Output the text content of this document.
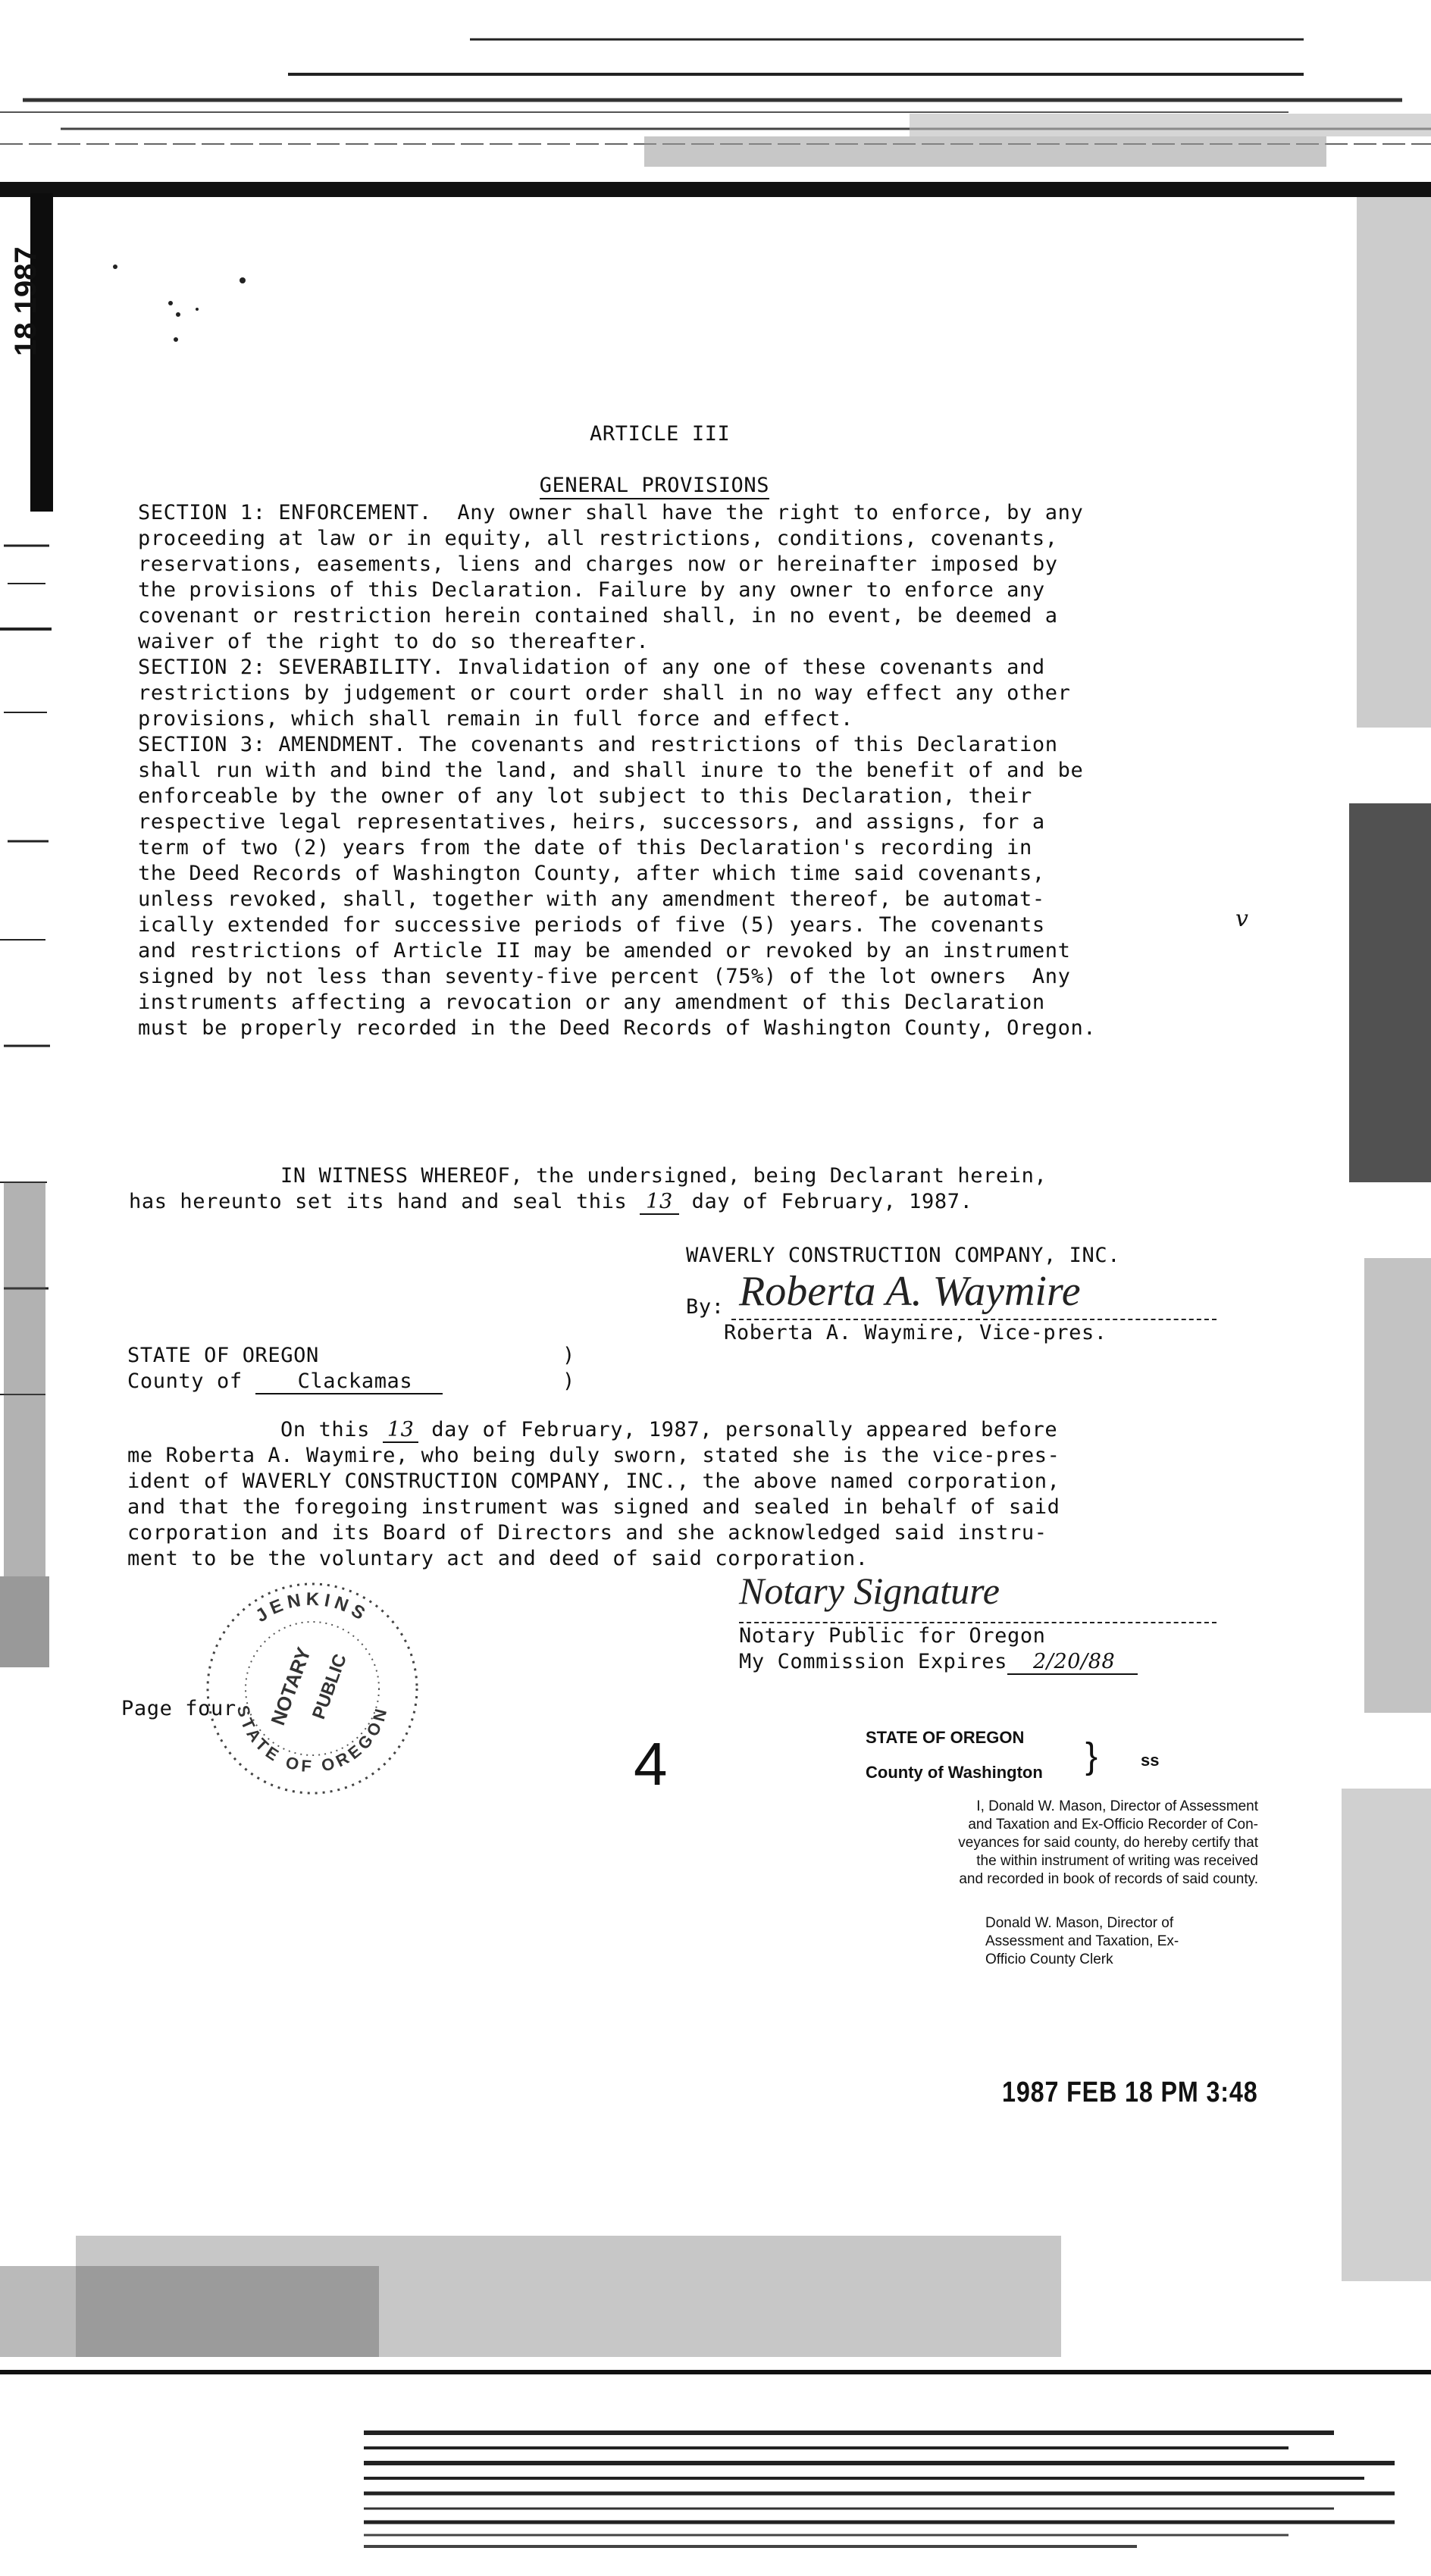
18 1987
ARTICLE III

GENERAL PROVISIONS

SECTION 1: ENFORCEMENT.  Any owner shall have the right to enforce, by any
proceeding at law or in equity, all restrictions, conditions, covenants,
reservations, easements, liens and charges now or hereinafter imposed by
the provisions of this Declaration. Failure by any owner to enforce any
covenant or restriction herein contained shall, in no event, be deemed a
waiver of the right to do so thereafter.
SECTION 2: SEVERABILITY. Invalidation of any one of these covenants and
restrictions by judgement or court order shall in no way effect any other
provisions, which shall remain in full force and effect.
SECTION 3: AMENDMENT. The covenants and restrictions of this Declaration
shall run with and bind the land, and shall inure to the benefit of and be
enforceable by the owner of any lot subject to this Declaration, their
respective legal representatives, heirs, successors, and assigns, for a
term of two (2) years from the date of this Declaration's recording in
the Deed Records of Washington County, after which time said covenants,
unless revoked, shall, together with any amendment thereof, be automat-
ically extended for successive periods of five (5) years. The covenants
and restrictions of Article II may be amended or revoked by an instrument
signed by not less than seventy-five percent (75%) of the lot owners  Any
instruments affecting a revocation or any amendment of this Declaration
must be properly recorded in the Deed Records of Washington County, Oregon.
v
IN WITNESS WHEREOF, the undersigned, being Declarant herein,
has hereunto set its hand and seal this 13 day of February, 1987.
WAVERLY CONSTRUCTION COMPANY, INC.
By: Roberta A. Waymire
Roberta A. Waymire, Vice-pres.
STATE OF OREGON
County of Clackamas
)
)
On this 13 day of February, 1987, personally appeared before
me Roberta A. Waymire, who being duly sworn, stated she is the vice-pres-
ident of WAVERLY CONSTRUCTION COMPANY, INC., the above named corporation,
and that the foregoing instrument was signed and sealed in behalf of said
corporation and its Board of Directors and she acknowledged said instru-
ment to be the voluntary act and deed of said corporation.
JENKINS
STATE OF OREGON
NOTARY
PUBLIC
Page four
4
Notary Signature
Notary Public for Oregon
My Commission Expires 2/20/88
STATE OF OREGON
County of Washington }	ss
I, Donald W. Mason, Director of Assessment
and Taxation and Ex-Officio Recorder of Con-
veyances for said county, do hereby certify that
the within instrument of writing was received
and recorded in book of records of said county.
Donald W. Mason, Director of
Assessment and Taxation, Ex-
Officio County Clerk
1987 FEB 18 PM 3:48
